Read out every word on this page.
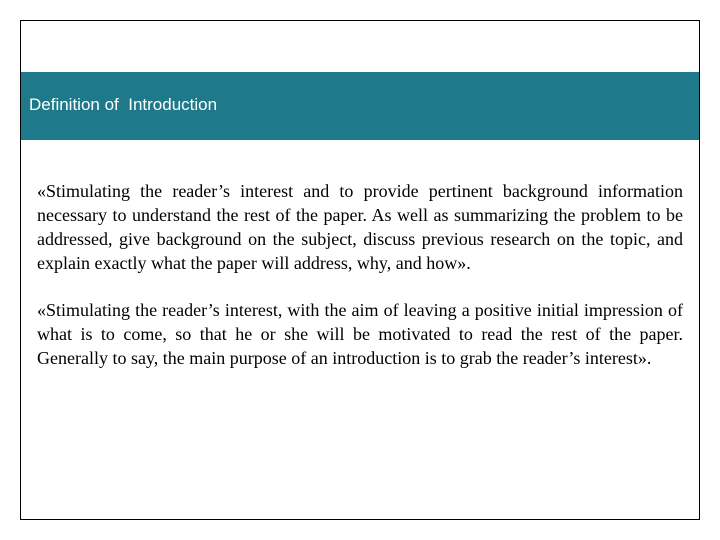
Definition of  Introduction

«Stimulating the reader’s interest and to provide pertinent background information necessary to understand the rest of the paper. As well as summarizing the problem to be addressed, give background on the subject, discuss previous research on the topic, and explain exactly what the paper will address, why, and how».

«Stimulating the reader’s interest, with the aim of leaving a positive initial impression of what is to come, so that he or she will be motivated to read the rest of the paper. Generally to say, the main purpose of an introduction is to grab the reader’s interest».
